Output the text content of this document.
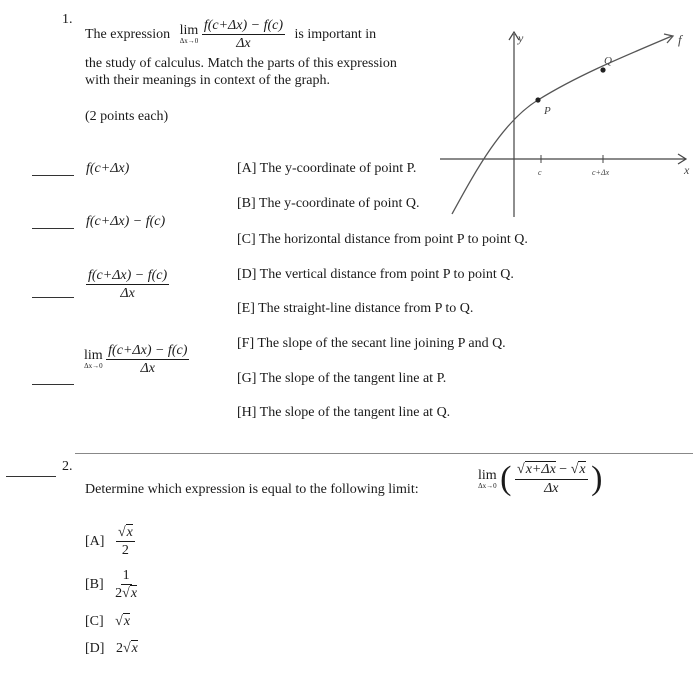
1.
The expression lim
Δx→0
$\frac{f(c+\Delta x) - f(c)}{\Delta x}$ is important in
the study of calculus. Match the parts of this expression
with their meanings in context of the graph.
(2 points each)
f(c+Δx)
f(c+Δx) − f(c)
$\frac{f(c+\Delta x) - f(c)}{\Delta x}$
lim
Δx→0
$\frac{f(c+\Delta x) - f(c)}{\Delta x}$
[A] The y-coordinate of point P.
[B] The y-coordinate of point Q.
[C] The horizontal distance from point P to point Q.
[D] The vertical distance from point P to point Q.
[E] The straight-line distance from P to Q.
[F] The slope of the secant line joining P and Q.
[G] The slope of the tangent line at P.
[H] The slope of the tangent line at Q.
y
x
f
P
Q
c	c+Δx
2.
Determine which expression is equal to the following limit:
lim
Δx→0 ( $\frac{√x+\Delta x - √x}{\Delta x}$ )
$[A] \frac{√x}{2}$
$[B] \frac{1}{2√x}$
[C] √x
[D] 2√x
